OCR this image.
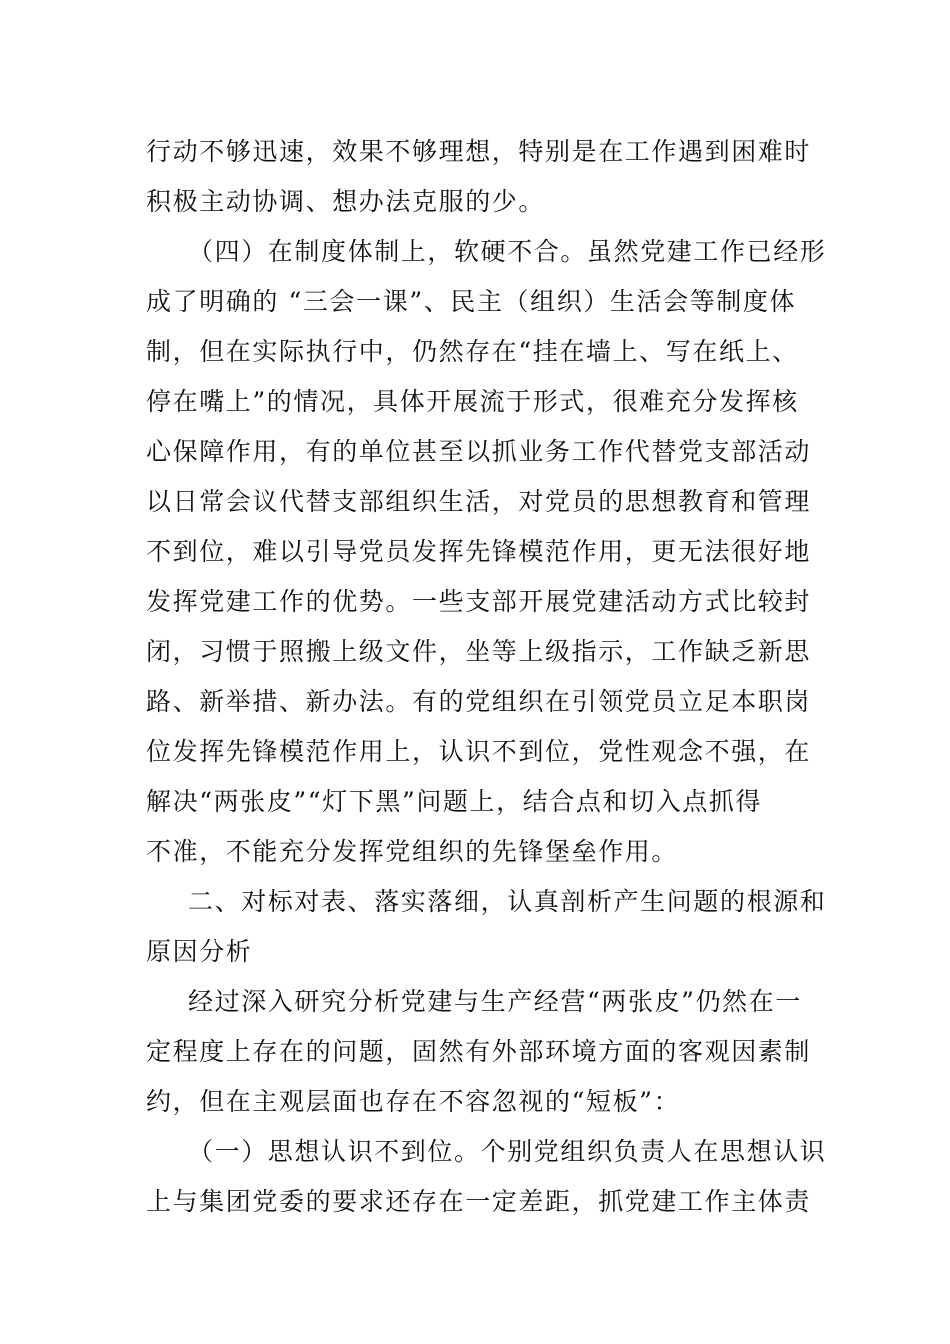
行动不够迅速，效果不够理想，特别是在工作遇到困难时
积极主动协调、想办法克服的少。
（四）在制度体制上，软硬不合。虽然党建工作已经形
成了明确的 “三会一课”、民主（组织）生活会等制度体
制，但在实际执行中，仍然存在“挂在墙上、写在纸上、
停在嘴上”的情况，具体开展流于形式，很难充分发挥核
心保障作用，有的单位甚至以抓业务工作代替党支部活动
以日常会议代替支部组织生活，对党员的思想教育和管理
不到位，难以引导党员发挥先锋模范作用，更无法很好地
发挥党建工作的优势。一些支部开展党建活动方式比较封
闭，习惯于照搬上级文件，坐等上级指示，工作缺乏新思
路、新举措、新办法。有的党组织在引领党员立足本职岗
位发挥先锋模范作用上，认识不到位，党性观念不强，在
解决“两张皮”“灯下黑”问题上，结合点和切入点抓得
不准，不能充分发挥党组织的先锋堡垒作用。
二、对标对表、落实落细，认真剖析产生问题的根源和
原因分析
经过深入研究分析党建与生产经营“两张皮”仍然在一
定程度上存在的问题，固然有外部环境方面的客观因素制
约，但在主观层面也存在不容忽视的“短板”：
（一）思想认识不到位。个别党组织负责人在思想认识
上与集团党委的要求还存在一定差距，抓党建工作主体责
